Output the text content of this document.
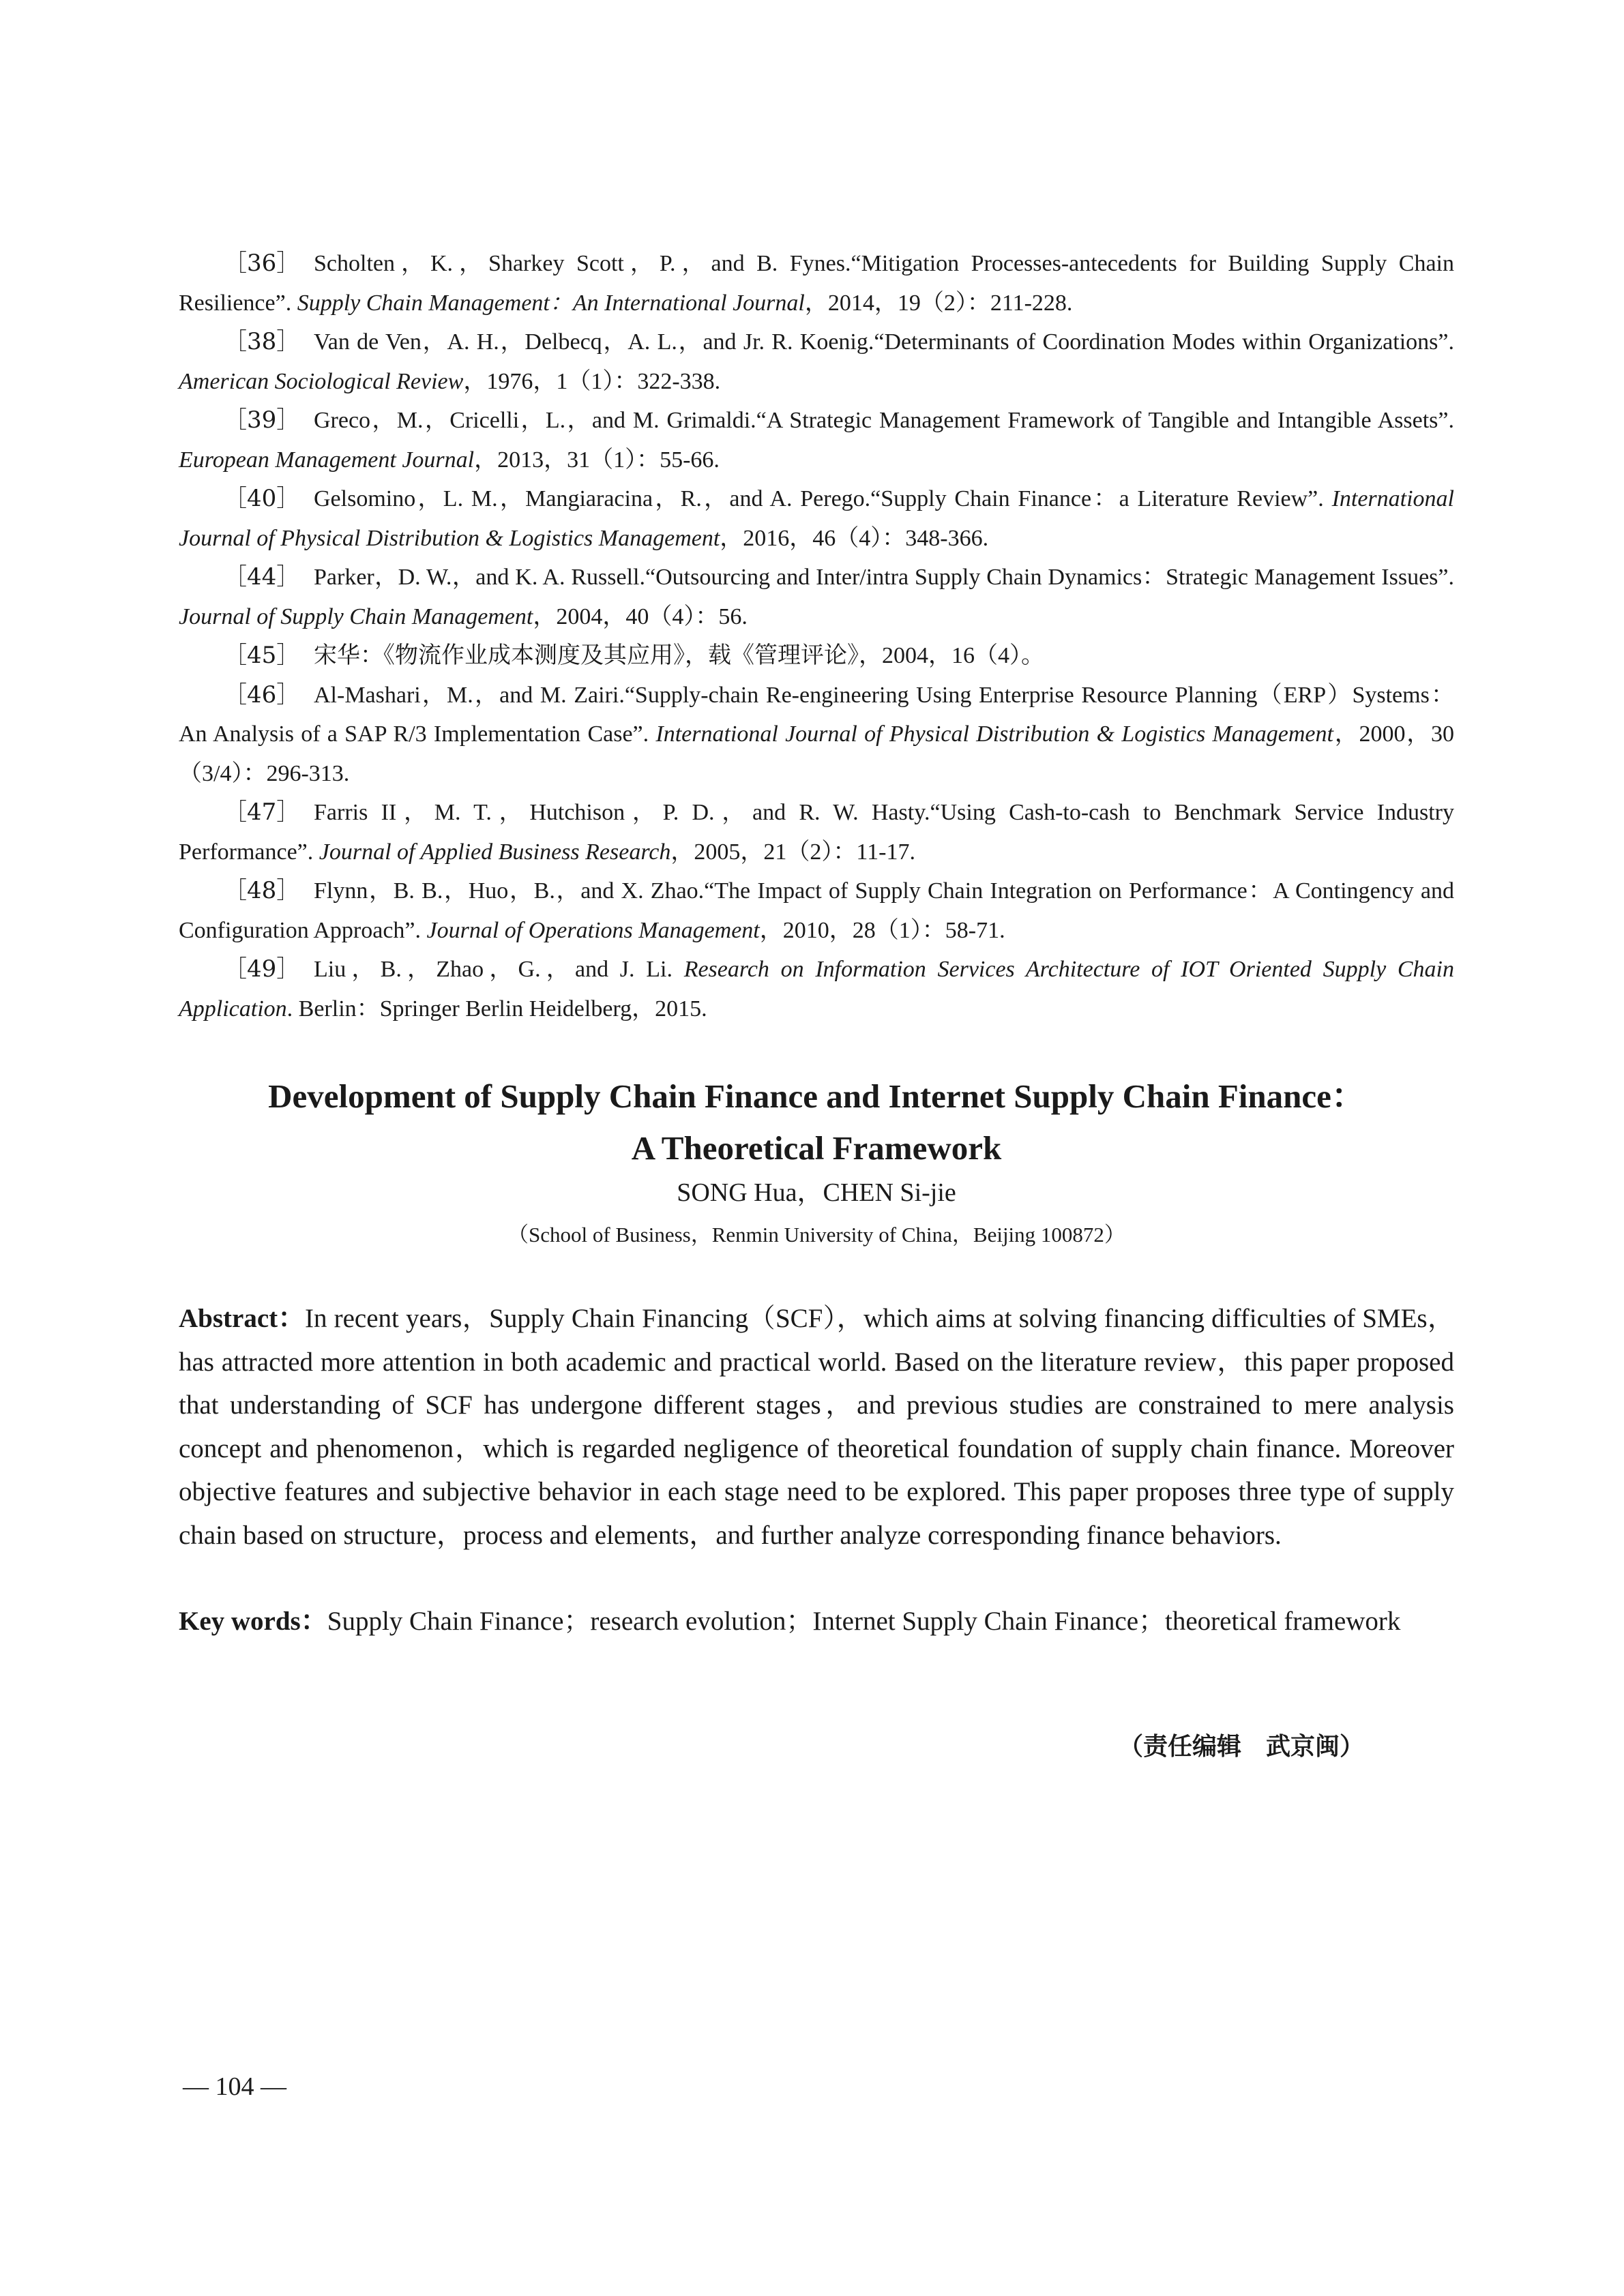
［36］ Scholten，K.，Sharkey Scott，P.，and B. Fynes.“Mitigation Processes-antecedents for Building Supply Chain Resilience”. Supply Chain Management：An International Journal，2014，19（2）：211-228.

［38］ Van de Ven，A. H.，Delbecq，A. L.，and Jr. R. Koenig.“Determinants of Coordination Modes within Organizations”. American Sociological Review，1976，1（1）：322-338.

［39］ Greco，M.，Cricelli，L.，and M. Grimaldi.“A Strategic Management Framework of Tangible and Intangible Assets”. European Management Journal，2013，31（1）：55-66.

［40］ Gelsomino，L. M.，Mangiaracina，R.，and A. Perego.“Supply Chain Finance：a Literature Review”. International Journal of Physical Distribution & Logistics Management，2016，46（4）：348-366.

［44］ Parker，D. W.，and K. A. Russell.“Outsourcing and Inter/intra Supply Chain Dynamics：Strategic Management Issues”. Journal of Supply Chain Management，2004，40（4）：56.

［45］ 宋华：《物流作业成本测度及其应用》，载《管理评论》，2004，16（4）。

［46］ Al-Mashari，M.，and M. Zairi.“Supply-chain Re-engineering Using Enterprise Resource Planning（ERP）Systems：An Analysis of a SAP R/3 Implementation Case”. International Journal of Physical Distribution & Logistics Management，2000，30（3/4）：296-313.

［47］ Farris II，M. T.，Hutchison，P. D.，and R. W. Hasty.“Using Cash-to-cash to Benchmark Service Industry Performance”. Journal of Applied Business Research，2005，21（2）：11-17.

［48］ Flynn，B. B.，Huo，B.，and X. Zhao.“The Impact of Supply Chain Integration on Performance：A Contingency and Configuration Approach”. Journal of Operations Management，2010，28（1）：58-71.

［49］ Liu，B.，Zhao，G.，and J. Li. Research on Information Services Architecture of IOT Oriented Supply Chain Application. Berlin：Springer Berlin Heidelberg，2015.

Development of Supply Chain Finance and Internet Supply Chain Finance：
A Theoretical Framework
SONG Hua，CHEN Si-jie
（School of Business，Renmin University of China，Beijing 100872）

Abstract：In recent years，Supply Chain Financing（SCF），which aims at solving financing difficulties of SMEs，has attracted more attention in both academic and practical world. Based on the literature review，this paper proposed that understanding of SCF has undergone different stages，and previous studies are constrained to mere analysis concept and phenomenon，which is regarded negligence of theoretical foundation of supply chain finance. Moreover objective features and subjective behavior in each stage need to be explored. This paper proposes three type of supply chain based on structure，process and elements，and further analyze corresponding finance behaviors.

Key words：Supply Chain Finance；research evolution；Internet Supply Chain Finance；theoretical framework

（责任编辑　武京闽）
— 104 —
